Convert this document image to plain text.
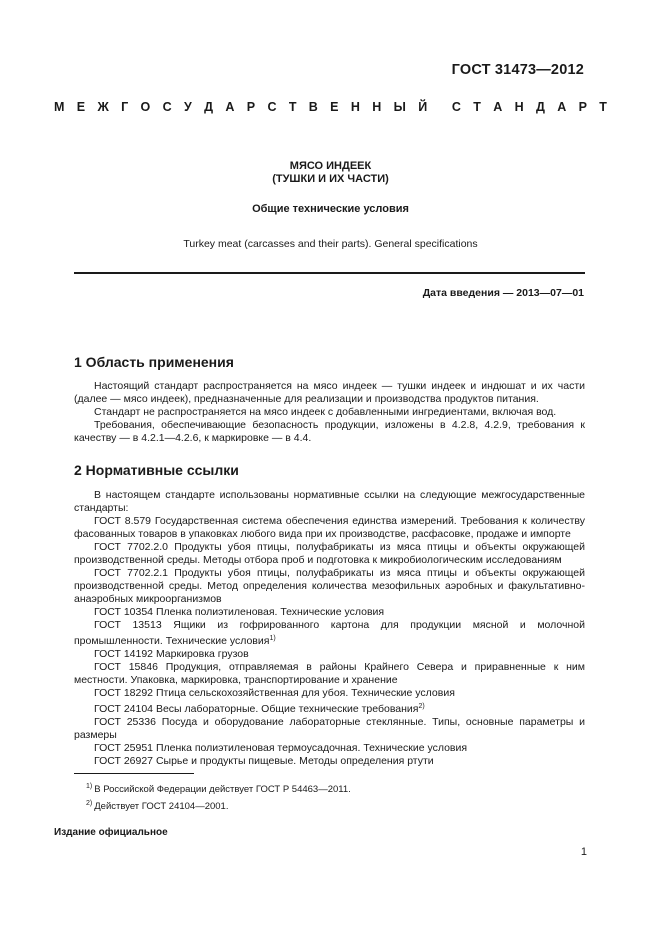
ГОСТ 31473—2012
М Е Ж Г О С У Д А Р С Т В Е Н Н Ы Й С Т А Н Д А Р Т
МЯСО ИНДЕЕК
(ТУШКИ И ИХ ЧАСТИ)
Общие технические условия
Turkey meat (carcasses and their parts). General specifications
Дата введения — 2013—07—01
1 Область применения

Настоящий стандарт распространяется на мясо индеек — тушки индеек и индюшат и их части (далее — мясо индеек), предназначенные для реализации и производства продуктов питания.

Стандарт не распространяется на мясо индеек с добавленными ингредиентами, включая вод.

Требования, обеспечивающие безопасность продукции, изложены в 4.2.8, 4.2.9, требования к качеству — в 4.2.1—4.2.6, к маркировке — в 4.4.

2 Нормативные ссылки

В настоящем стандарте использованы нормативные ссылки на следующие межгосударственные стандарты:

ГОСТ 8.579 Государственная система обеспечения единства измерений. Требования к количеству фасованных товаров в упаковках любого вида при их производстве, расфасовке, продаже и импорте

ГОСТ 7702.2.0 Продукты убоя птицы, полуфабрикаты из мяса птицы и объекты окружающей производственной среды. Методы отбора проб и подготовка к микробиологическим исследованиям

ГОСТ 7702.2.1 Продукты убоя птицы, полуфабрикаты из мяса птицы и объекты окружающей производственной среды. Метод определения количества мезофильных аэробных и факультативно-анаэробных микроорганизмов

ГОСТ 10354 Пленка полиэтиленовая. Технические условия

ГОСТ 13513 Ящики из гофрированного картона для продукции мясной и молочной промышленности. Технические условия$^{1)}$

ГОСТ 14192 Маркировка грузов

ГОСТ 15846 Продукция, отправляемая в районы Крайнего Севера и приравненные к ним местности. Упаковка, маркировка, транспортирование и хранение

ГОСТ 18292 Птица сельскохозяйственная для убоя. Технические условия

ГОСТ 24104 Весы лабораторные. Общие технические требования$^{2)}$

ГОСТ 25336 Посуда и оборудование лабораторные стеклянные. Типы, основные параметры и размеры

ГОСТ 25951 Пленка полиэтиленовая термоусадочная. Технические условия

ГОСТ 26927 Сырье и продукты пищевые. Методы определения ртути

$^{1)}$ В Российской Федерации действует ГОСТ Р 54463—2011.
$^{2)}$ Действует ГОСТ 24104—2001.
Издание официальное
1
